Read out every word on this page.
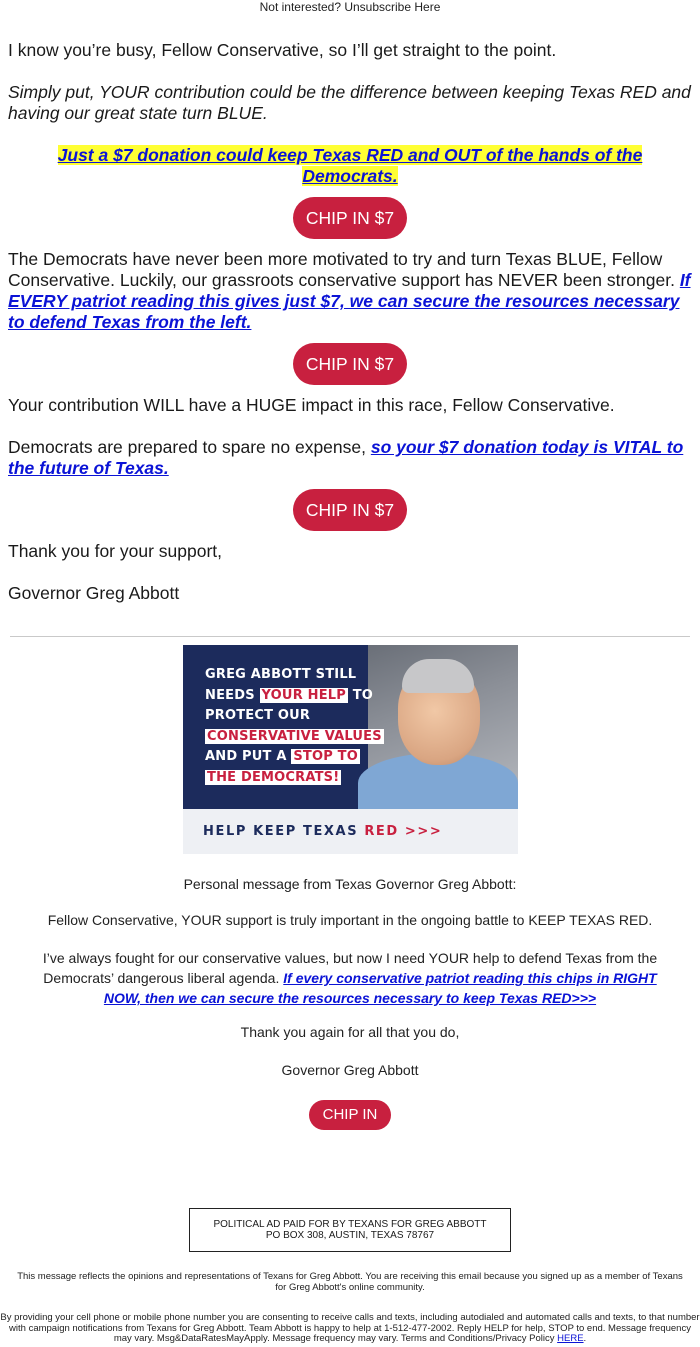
Not interested? Unsubscribe Here

I know you’re busy, Fellow Conservative, so I’ll get straight to the point.

Simply put, YOUR contribution could be the difference between keeping Texas RED and having our great state turn BLUE.

Just a $7 donation could keep Texas RED and OUT of the hands of the Democrats.

CHIP IN $7

The Democrats have never been more motivated to try and turn Texas BLUE, Fellow Conservative. Luckily, our grassroots conservative support has NEVER been stronger. If EVERY patriot reading this gives just $7, we can secure the resources necessary to defend Texas from the left.

CHIP IN $7

Your contribution WILL have a HUGE impact in this race, Fellow Conservative.

Democrats are prepared to spare no expense, so your $7 donation today is VITAL to the future of Texas.

CHIP IN $7

Thank you for your support,

Governor Greg Abbott

GREG ABBOTT STILL
NEEDS YOUR HELP TO
PROTECT OUR
CONSERVATIVE VALUES
AND PUT A STOP TO
THE DEMOCRATS!
HELP KEEP TEXAS RED >>>
Personal message from Texas Governor Greg Abbott:
Fellow Conservative, YOUR support is truly important in the ongoing battle to KEEP TEXAS RED.
I’ve always fought for our conservative values, but now I need YOUR help to defend Texas from the Democrats’ dangerous liberal agenda. If every conservative patriot reading this chips in RIGHT NOW, then we can secure the resources necessary to keep Texas RED>>>
Thank you again for all that you do,
Governor Greg Abbott
CHIP IN
POLITICAL AD PAID FOR BY TEXANS FOR GREG ABBOTT
PO BOX 308, AUSTIN, TEXAS 78767
This message reflects the opinions and representations of Texans for Greg Abbott. You are receiving this email because you signed up as a member of Texans for Greg Abbott's online community.
By providing your cell phone or mobile phone number you are consenting to receive calls and texts, including autodialed and automated calls and texts, to that number with campaign notifications from Texans for Greg Abbott. Team Abbott is happy to help at 1-512-477-2002. Reply HELP for help, STOP to end. Message frequency may vary. Msg&DataRatesMayApply. Message frequency may vary. Terms and Conditions/Privacy Policy HERE.
